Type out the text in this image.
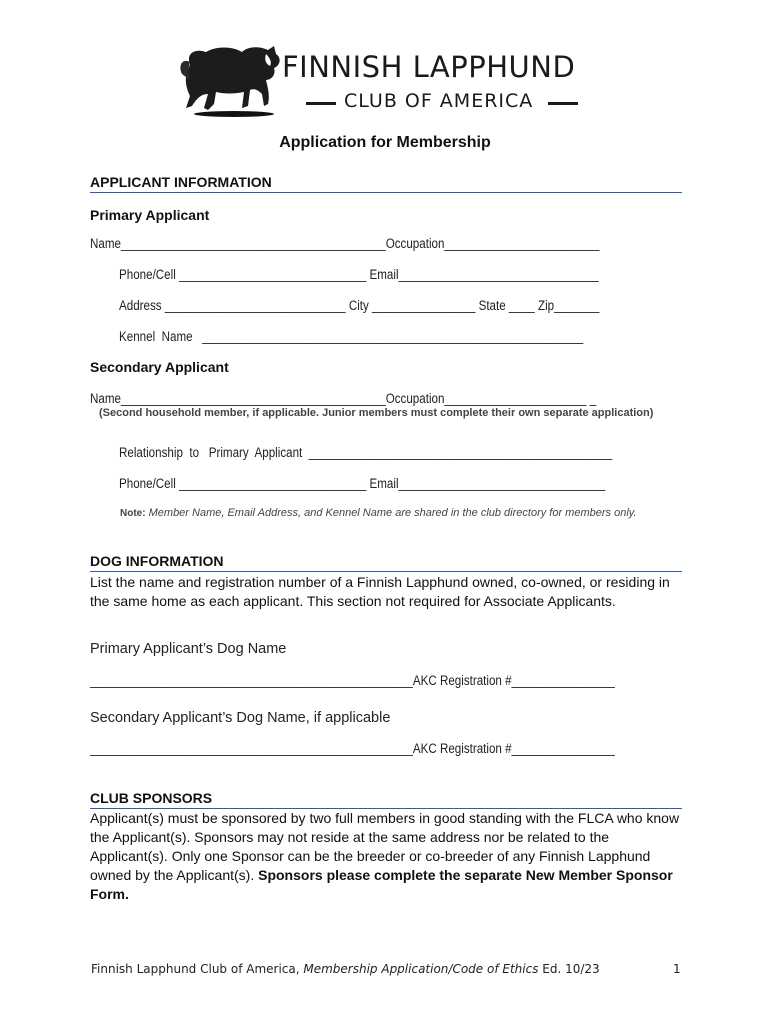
FINNISH LAPPHUND
CLUB OF AMERICA
Application for Membership
APPLICANT INFORMATION
Primary Applicant
Name_________________________________________Occupation________________________
Phone/Cell _____________________________ Email_______________________________
Address ____________________________ City ________________ State ____ Zip_______
Kennel  Name   ___________________________________________________________
Secondary Applicant
Name_________________________________________Occupation______________________ _
(Second household member, if applicable. Junior members must complete their own separate application)
Relationship  to   Primary  Applicant  _______________________________________________
Phone/Cell _____________________________ Email________________________________
Note: Member Name, Email Address, and Kennel Name are shared in the club directory for members only.
DOG INFORMATION
List the name and registration number of a Finnish Lapphund owned, co-owned, or residing in the same home as each applicant. This section not required for Associate Applicants.
Primary Applicant’s Dog Name
__________________________________________________AKC Registration #________________
Secondary Applicant’s Dog Name, if applicable
__________________________________________________AKC Registration #________________
CLUB SPONSORS
Applicant(s) must be sponsored by two full members in good standing with the FLCA who know the Applicant(s). Sponsors may not reside at the same address nor be related to the Applicant(s). Only one Sponsor can be the breeder or co-breeder of any Finnish Lapphund owned by the Applicant(s). Sponsors please complete the separate New Member Sponsor Form.
Finnish Lapphund Club of America, Membership Application/Code of Ethics Ed. 10/23	1
